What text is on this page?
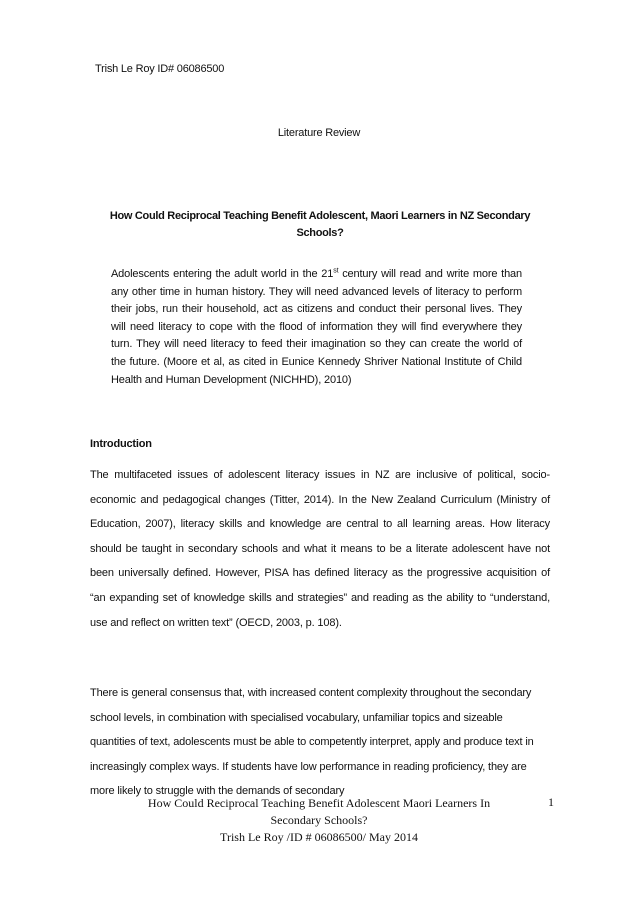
Trish Le Roy ID# 06086500
Literature Review
How Could Reciprocal Teaching Benefit Adolescent, Maori Learners in NZ Secondary Schools?
Adolescents entering the adult world in the 21st century will read and write more than any other time in human history. They will need advanced levels of literacy to perform their jobs, run their household, act as citizens and conduct their personal lives. They will need literacy to cope with the flood of information they will find everywhere they turn. They will need literacy to feed their imagination so they can create the world of the future. (Moore et al, as cited in Eunice Kennedy Shriver National Institute of Child Health and Human Development (NICHHD), 2010)
Introduction
The multifaceted issues of adolescent literacy issues in NZ are inclusive of political, socio-economic and pedagogical changes (Titter, 2014). In the New Zealand Curriculum (Ministry of Education, 2007), literacy skills and knowledge are central to all learning areas. How literacy should be taught in secondary schools and what it means to be a literate adolescent have not been universally defined. However, PISA has defined literacy as the progressive acquisition of “an expanding set of knowledge skills and strategies” and reading as the ability to “understand, use and reflect on written text” (OECD, 2003, p. 108).
There is general consensus that, with increased content complexity throughout the secondary school levels, in combination with specialised vocabulary, unfamiliar topics and sizeable quantities of text, adolescents must be able to competently interpret, apply and produce text in increasingly complex ways. If students have low performance in reading proficiency, they are more likely to struggle with the demands of secondary
How Could Reciprocal Teaching Benefit Adolescent Maori Learners In
Secondary Schools?
Trish Le Roy /ID # 06086500/ May 2014
1
